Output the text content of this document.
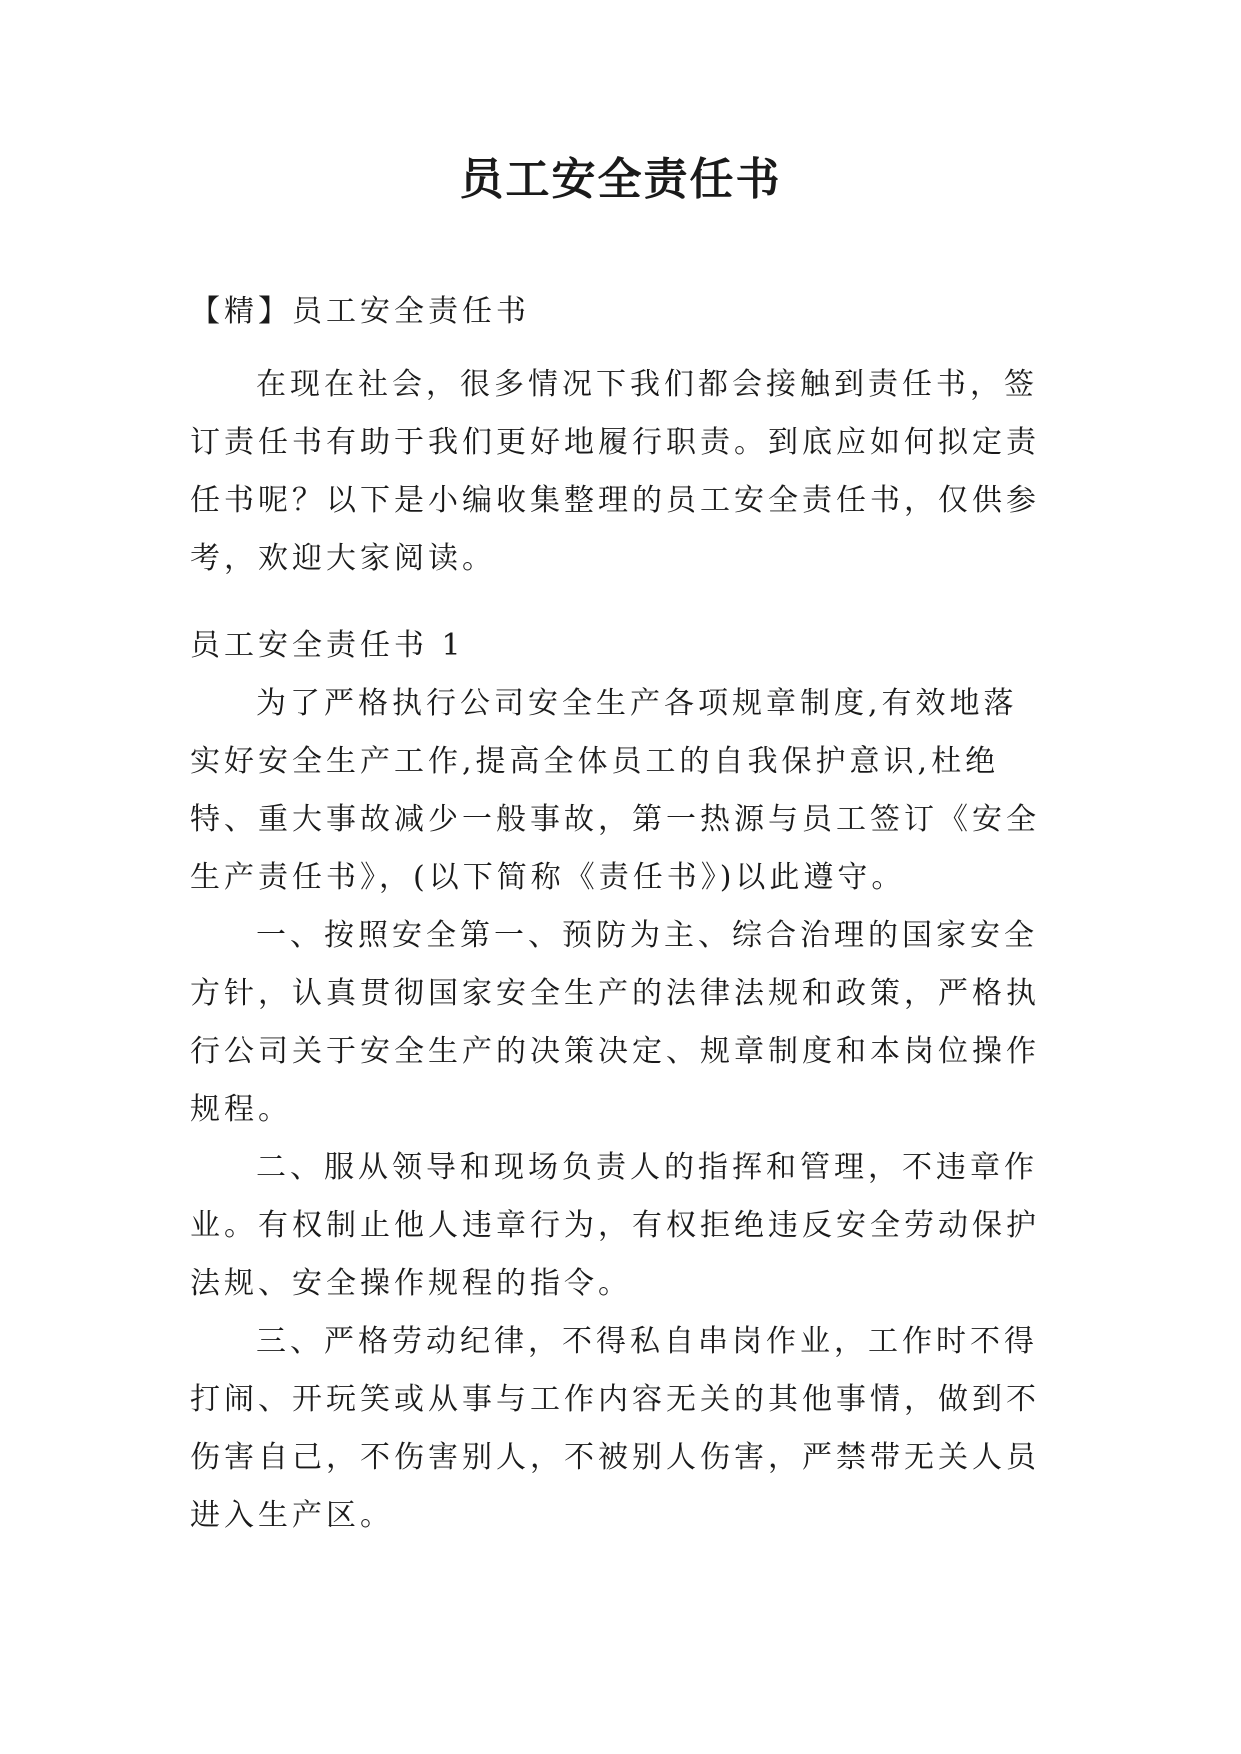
员工安全责任书
【精】员工安全责任书

在现在社会，很多情况下我们都会接触到责任书，签订责任书有助于我们更好地履行职责。到底应如何拟定责任书呢？以下是小编收集整理的员工安全责任书，仅供参考，欢迎大家阅读。

员工安全责任书 1

为了严格执行公司安全生产各项规章制度,有效地落实好安全生产工作,提高全体员工的自我保护意识,杜绝特、重大事故减少一般事故，第一热源与员工签订《安全生产责任书》，(以下简称《责任书》)以此遵守。

一、按照安全第一、预防为主、综合治理的国家安全方针，认真贯彻国家安全生产的法律法规和政策，严格执行公司关于安全生产的决策决定、规章制度和本岗位操作规程。

二、服从领导和现场负责人的指挥和管理，不违章作业。有权制止他人违章行为，有权拒绝违反安全劳动保护法规、安全操作规程的指令。

三、严格劳动纪律，不得私自串岗作业，工作时不得打闹、开玩笑或从事与工作内容无关的其他事情，做到不伤害自己，不伤害别人，不被别人伤害，严禁带无关人员进入生产区。
